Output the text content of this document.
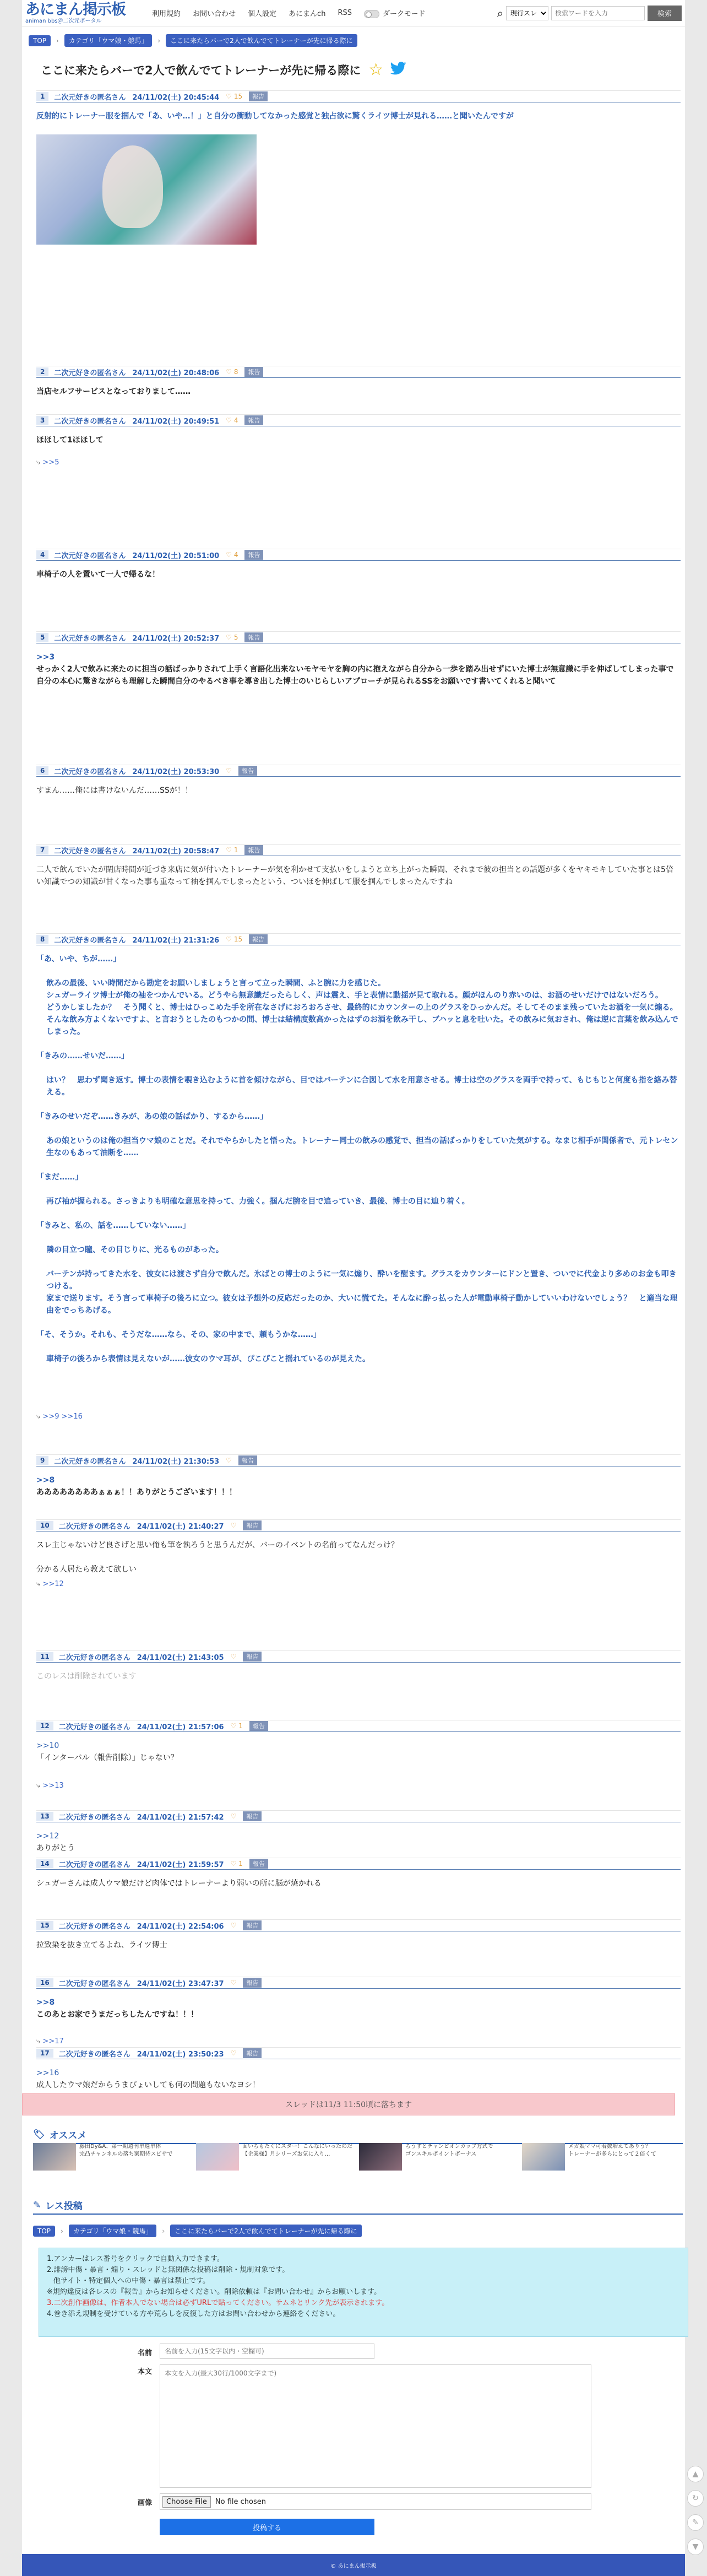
あにまん掲示板
animan bbs＠二次元ポータル
利用規約 お問い合わせ 個人設定 あにまんch RSS	ダークモード	⌕
現行スレ
検索ワードを入力	検索
TOP	›	カテゴリ「ウマ娘・競馬」	›	ここに来たらバーで2人で飲んでてトレーナーが先に帰る際に
ここに来たらバーで2人で飲んでてトレーナーが先に帰る際に ☆
1	二次元好きの匿名さん 24/11/02(土) 20:45:44 ♡ 15	報告

反射的にトレーナー服を掴んで「あ、いや…！」と自分の衝動してなかった感覚と独占欲に驚くライツ博士が見れる……と聞いたんですが

2	二次元好きの匿名さん 24/11/02(土) 20:48:06 ♡ 8	報告

当店セルフサービスとなっておりまして……

3	二次元好きの匿名さん 24/11/02(土) 20:49:51 ♡ 4	報告

ほほして1ほほして

⤷ >>5
4	二次元好きの匿名さん 24/11/02(土) 20:51:00 ♡ 4	報告

車椅子の人を置いて一人で帰るな！

5	二次元好きの匿名さん 24/11/02(土) 20:52:37 ♡ 5	報告
>>3

せっかく2人で飲みに来たのに担当の話ばっかりされて上手く言語化出来ないモヤモヤを胸の内に抱えながら自分から一歩を踏み出せずにいた博士が無意識に手を伸ばしてしまった事で自分の本心に驚きながらも理解した瞬間自分のやるべき事を導き出した博士のいじらしいアプローチが見られるSSをお願いです書いてくれると聞いて

6	二次元好きの匿名さん 24/11/02(土) 20:53:30 ♡	報告

すまん……俺には書けないんだ……SSが！！

7	二次元好きの匿名さん 24/11/02(土) 20:58:47 ♡ 1	報告

二人で飲んでいたが閉店時間が近づき来店に気が付いたトレーナーが気を利かせて支払いをしようと立ち上がった瞬間、それまで彼の担当との話題が多くをヤキモキしていた事とは5倍い知識でつの知識が甘くなった事も重なって袖を掴んでしまったという、ついほを伸ばして服を掴んでしまったんですね

8	二次元好きの匿名さん 24/11/02(土) 21:31:26 ♡ 15	報告

「あ、いや、ちが……」

飲みの最後、いい時間だから勘定をお願いしましょうと言って立った瞬間、ふと腕に力を感じた。
シュガーライツ博士が俺の袖をつかんでいる。どうやら無意識だったらしく、声は震え、手と表情に動揺が見て取れる。顔がほんのり赤いのは、お酒のせいだけではないだろう。
どうかしましたか？　そう聞くと、博士はひっこめた手を所在なさげにおろおろさせ、最終的にカウンターの上のグラスをひっかんだ。そしてそのまま残っていたお酒を一気に煽る。
そんな飲み方よくないですよ、と言おうとしたのもつかの間、博士は結構度数高かったはずのお酒を飲み干し、ブハッと息を吐いた。その飲みに気おされ、俺は逆に言葉を飲み込んでしまった。

「きみの……せいだ……」

はい？　思わず聞き返す。博士の表情を覗き込むように首を傾けながら、目ではバーテンに合図して水を用意させる。博士は空のグラスを両手で持って、もじもじと何度も指を絡み替える。

「きみのせいだぞ……きみが、あの娘の話ばかり、するから……」

あの娘というのは俺の担当ウマ娘のことだ。それでやらかしたと悟った。トレーナー同士の飲みの感覚で、担当の話ばっかりをしていた気がする。なまじ相手が関係者で、元トレセン生なのもあって油断を……

「まだ……」

再び袖が握られる。さっきよりも明確な意思を持って、力強く。掴んだ腕を目で追っていき、最後、博士の目に辿り着く。

「きみと、私の、話を……していない……」

隣の目立つ瞳、その目じりに、光るものがあった。

バーテンが持ってきた水を、彼女には渡さず自分で飲んだ。氷ばとの博士のように一気に煽り、酔いを醒ます。グラスをカウンターにドンと置き、ついでに代金より多めのお金も叩きつける。
家まで送ります。そう言って車椅子の後ろに立つ。彼女は予想外の反応だったのか、大いに慌てた。そんなに酔っ払った人が電動車椅子動かしていいわけないでしょう？　と適当な理由をでっちあげる。

「そ、そうか。それも、そうだな……なら、その、家の中まで、頼もうかな……」

車椅子の後ろから表情は見えないが……彼女のウマ耳が、ぴこぴこと揺れているのが見えた。

⤷ >>9 >>16
9	二次元好きの匿名さん 24/11/02(土) 21:30:53 ♡	報告
>>8

ああああああああぁぁぁ！！ありがとうございます！！！

10	二次元好きの匿名さん 24/11/02(土) 21:40:27 ♡	報告

スレ主じゃないけど良さげと思い俺も筆を執ろうと思うんだが、バーのイベントの名前ってなんだっけ？

分かる人居たら教えて欲しい

⤷ >>12
11	二次元好きの匿名さん 24/11/02(土) 21:43:05 ♡	報告

このレスは削除されています

12	二次元好きの匿名さん 24/11/02(土) 21:57:06 ♡ 1	報告
>>10

「インターバル（報告削除）」じゃない？

⤷ >>13
13	二次元好きの匿名さん 24/11/02(土) 21:57:42 ♡	報告
>>12

ありがとう

14	二次元好きの匿名さん 24/11/02(土) 21:59:57 ♡ 1	報告

シュガーさんは成人ウマ娘だけど肉体ではトレーナーより弱いの所に脳が焼かれる

15	二次元好きの匿名さん 24/11/02(土) 22:54:06 ♡	報告

拉致染を抜き立てるよね、ライツ博士

16	二次元好きの匿名さん 24/11/02(土) 23:47:37 ♡	報告
>>8

このあとお家でうまだっちしたんですね！！！

⤷ >>17
17	二次元好きの匿名さん 24/11/02(土) 23:50:23 ♡	報告
>>16

成人したウマ娘だからうまぴょいしても何の問題もないなヨシ！

🏷 オススメ
藤田Dy&A、第一期週刊単週単体
完凸チャンネルの落ち案期待スピサで
面いちもたぐにスター！こんなにいったのだ
【企業様】月シリーズお気に入り…
ちうすとチャンピオンカップ方式で
ゴンスキルポイントボーナス
メガ娘ママ可着数増えてありう？
トレーナーが多らにとって２倍くて
✎ レス投稿
TOP	›	カテゴリ「ウマ娘・競馬」	›	ここに来たらバーで2人で飲んでてトレーナーが先に帰る際に
1.アンカーはレス番号をクリックで自動入力できます。
2.誹謗中傷・暴言・煽り・スレッドと無関係な投稿は削除・規制対象です。
他サイト・特定個人への中傷・暴言は禁止です。
※規約違反は各レスの『報告』からお知らせください。削除依頼は『お問い合わせ』からお願いします。
3.二次創作画像は、作者本人でない場合は必ずURLで貼ってください。サムネとリンク先が表示されます。
4.巻き添え規制を受けている方や荒らしを反復した方はお問い合わせから連絡をください。
名前
名前を入力(15文字以内・空欄可)
本文
本文を入力(最大30行/1000文字まで)
画像	Choose File	No file chosen
投稿する
© あにまん掲示板
スレッドは11/3 11:50頃に落ちます
▲
↻
✎
▼
